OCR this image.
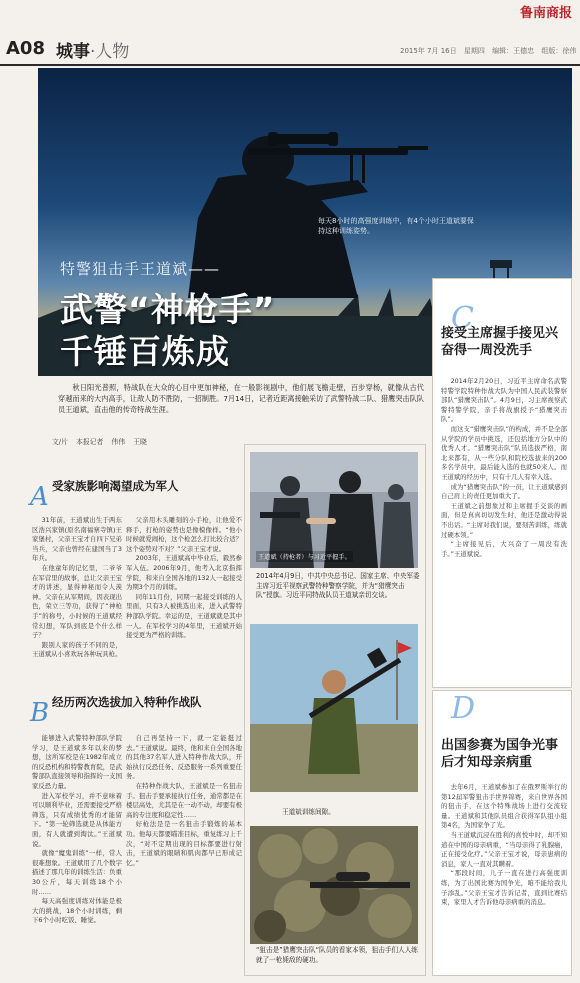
鲁南商报
A08 城事·人物	2015年 7月 16日 星期四 编辑：王德忠 组版：徐伟
每天8小时的高强度训练中，有4个小时王道斌要保持这种训练姿势。
特警狙击手王道斌——
武警“神枪手”
千锤百炼成
C
接受主席握手接见兴奋得一周没洗手

2014年2月20日，习近平主席命名武警特警学院特种作战大队为中国人民武装警察部队“猎鹰突击队”。4月9日，习主席视察武警特警学院，亲手将战旗授予“猎鹰突击队”。

而这支“猎鹰突击队”的构成，并不是全部从学院的学员中挑选，还包括地方分队中的优秀人才。“猎鹰突击队”队员选拔严格，南北来都有，从一些分队和院校选拔来的200多名学员中，最后能入选的也就50来人。而王道斌的经历中，只有十几人有幸入选。

成为“猎鹰突击队”的一员，让王道斌感到自己肩上的责任更加重大了。

王道斌之前想象过和主席握手交谈的画面，但是真真切切发生时，他还是激动得说不出话。“主席对我们说，要刻苦训练，练就过硬本领。”

“主席接见后，大兴奋了一周没有洗手。”王道斌说。

秋日阳光普照，特战队在大众的心目中更加神秘，在一般影视剧中，他们展飞檐走壁，百步穿杨，就像从古代穿越而来的大内高手，让敌人防不胜防，一招制胜。7月14日，记者近距离接触采访了武警特战二队、猎鹰突击队队员王道斌，直击他的传奇特战生涯。
文/片 本报记者 伟伟 王晓
A 受家族影响渴望成为军人

31年前，王道斌出生于两东区浩兴家镇(原名南福寨寺镇)王家堡村，父亲王宝才自四下兄弟当兵，父亲也曾经在建国当了3年兵。

在他童年的记忆里，二爷爷在军营里的故事，总让父亲王宝才的讲述，显得神秘而令人羡神。父亲在从军期间，因表现出色，荣立三等功，获得了“神枪手”的称号，小时候的王道斌经常幻想，军队到底是个什么样子？

跟别人家的孩子不同的是，王道斌从小喜欢玩各种玩具枪。

父亲用木头雕刻的小手枪，让他爱不释手，打枪的姿势也是像模像样。“他小时候就爱闹枪，这个枪怎么打比较合适？这个姿势对不对？”父亲王宝才说。

2003年，王道斌高中毕业后，毅然参军入伍。2006年9月，他考入北京指挥学院，和来自全国各地的132人一起接受为期3个月的训练。

同年11月份，同期一起接受训练的人里面，只有3人被挑选出来，进入武警特种部队学院。幸运的是，王道斌就是其中一人。在军校学习的4年里，王道斌开始接受更为严格的训练。

B 经历两次选拔加入特种作战队

能够进入武警特种部队学院学习，是王道斌多年以来的梦想，这所军校是在1982年成立的反恐机构和特警教育院，是武警部队直接领导和指挥的一支国家反恐力量。

进入军校学习，并不意味着可以顺利毕业，还需要接受严格筛选，只有成绩优秀的才能留下。“第一轮筛选就是从体能方面，有人就遭到淘汰。”王道斌说。

就像“魔鬼训练”一样，常人很难想象。王道斌用了几个数字描述了那几年的训练生活：负重30公斤，每天训练18个小时……

每天高强度训练对体能是极大的挑战，18个小时训练，剩下6个小时吃饭、睡觉。

自己再坚持一下，就一定能挺过去。”王道斌说。最终，他和来自全国各地的其他37名军人进入特种作战大队，开始执行反恐任务、反恐服务一系列重要任务。

在特种作战大队，王道斌是一名狙击手。狙击手要承接执行任务，通常都是在楼层高处，尤其是在一动不动，却要有极高的专注度和稳定性……

好枪法是是一名狙击手锻炼的基本功。他每天都要瞄准目标，重复练习上千次，“对不定期出现的目标都要进行射击，王道斌的眼睛和肌肉都早已形成记忆。”

王道斌（持枪者）与习近平握手。
2014年4月9日，中共中央总书记、国家主席、中央军委主席习近平视察武警特种警察学院，并为“猎鹰突击队”授旗。习近平同特战队员王道斌亲切交谈。
王道斌训练间隙。
“狙击是”猎鹰突击队“队员的看家本领，狙击手们人人练就了一枪毙敌的硬功。
D
出国参赛为国争光事后才知母亲病重

去年6月，王道斌参加了在俄罗斯举行的第12届军警狙击手世界锦赛，来自世界各国的狙击手，在这个特殊战场上进行交流较量。王道斌和其他队员组合获得军队组小组第4名，为国家争了光。

当王道斌沉浸在胜利的喜悦中时，却不知道在中国的母亲病重，“当母亲得了乳腺癌，正在接受化疗。”父亲王宝才说，母亲患病的消息，家人一直对其瞒着。

“那段时间，儿子一直在进行高强度训练，为了出国比赛为国争光，咱不能给我儿子添乱。”父亲王宝才告诉记者，直到比赛结束，家里人才告诉他母亲病重的消息。
